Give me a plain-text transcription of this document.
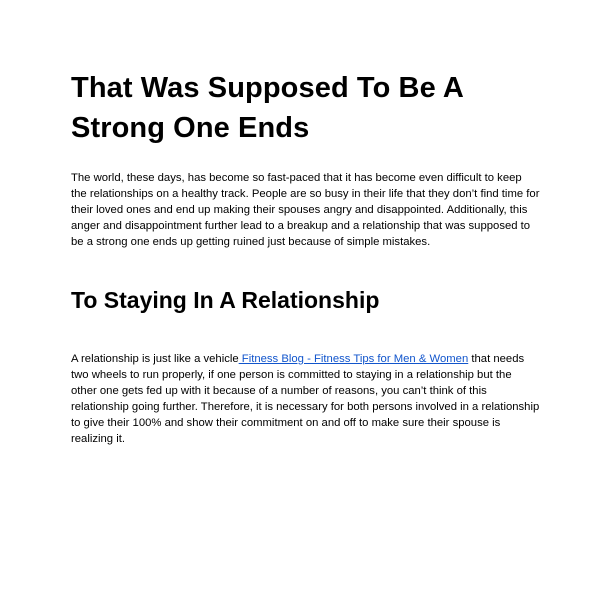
That Was Supposed To Be A Strong One Ends

The world, these days, has become so fast-paced that it has become even difficult to keep the relationships on a healthy track. People are so busy in their life that they don’t find time for their loved ones and end up making their spouses angry and disappointed. Additionally, this anger and disappointment further lead to a breakup and a relationship that was supposed to be a strong one ends up getting ruined just because of simple mistakes.

To Staying In A Relationship

A relationship is just like a vehicle Fitness Blog - Fitness Tips for Men & Women that needs two wheels to run properly, if one person is committed to staying in a relationship but the other one gets fed up with it because of a number of reasons, you can’t think of this relationship going further. Therefore, it is necessary for both persons involved in a relationship to give their 100% and show their commitment on and off to make sure their spouse is realizing it.
